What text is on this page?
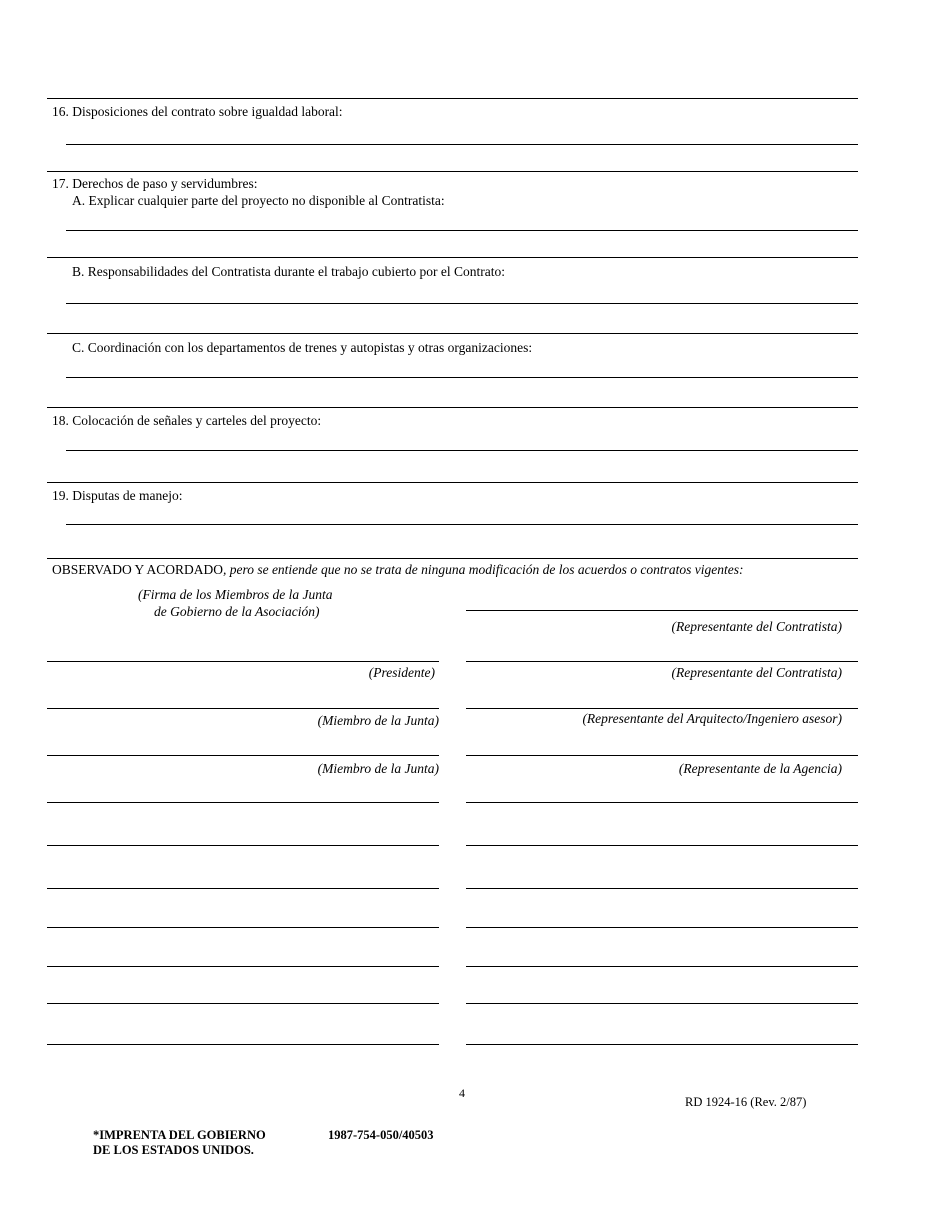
16. Disposiciones del contrato sobre igualdad laboral:
17. Derechos de paso y servidumbres:
A. Explicar cualquier parte del proyecto no disponible al Contratista:
B. Responsabilidades del Contratista durante el trabajo cubierto por el Contrato:
C. Coordinación con los departamentos de trenes y autopistas y otras organizaciones:
18. Colocación de señales y carteles del proyecto:
19. Disputas de manejo:
OBSERVADO Y ACORDADO, pero se entiende que no se trata de ninguna modificación de los acuerdos o contratos vigentes:
(Firma de los Miembros de la Junta
de Gobierno de la Asociación)
(Representante del Contratista)
(Presidente)	(Representante del Contratista)
(Miembro de la Junta)	(Representante del Arquitecto/Ingeniero asesor)
(Miembro de la Junta)	(Representante de la Agencia)
4
RD 1924-16 (Rev. 2/87)
*IMPRENTA DEL GOBIERNO
DE LOS ESTADOS UNIDOS.
1987-754-050/40503
